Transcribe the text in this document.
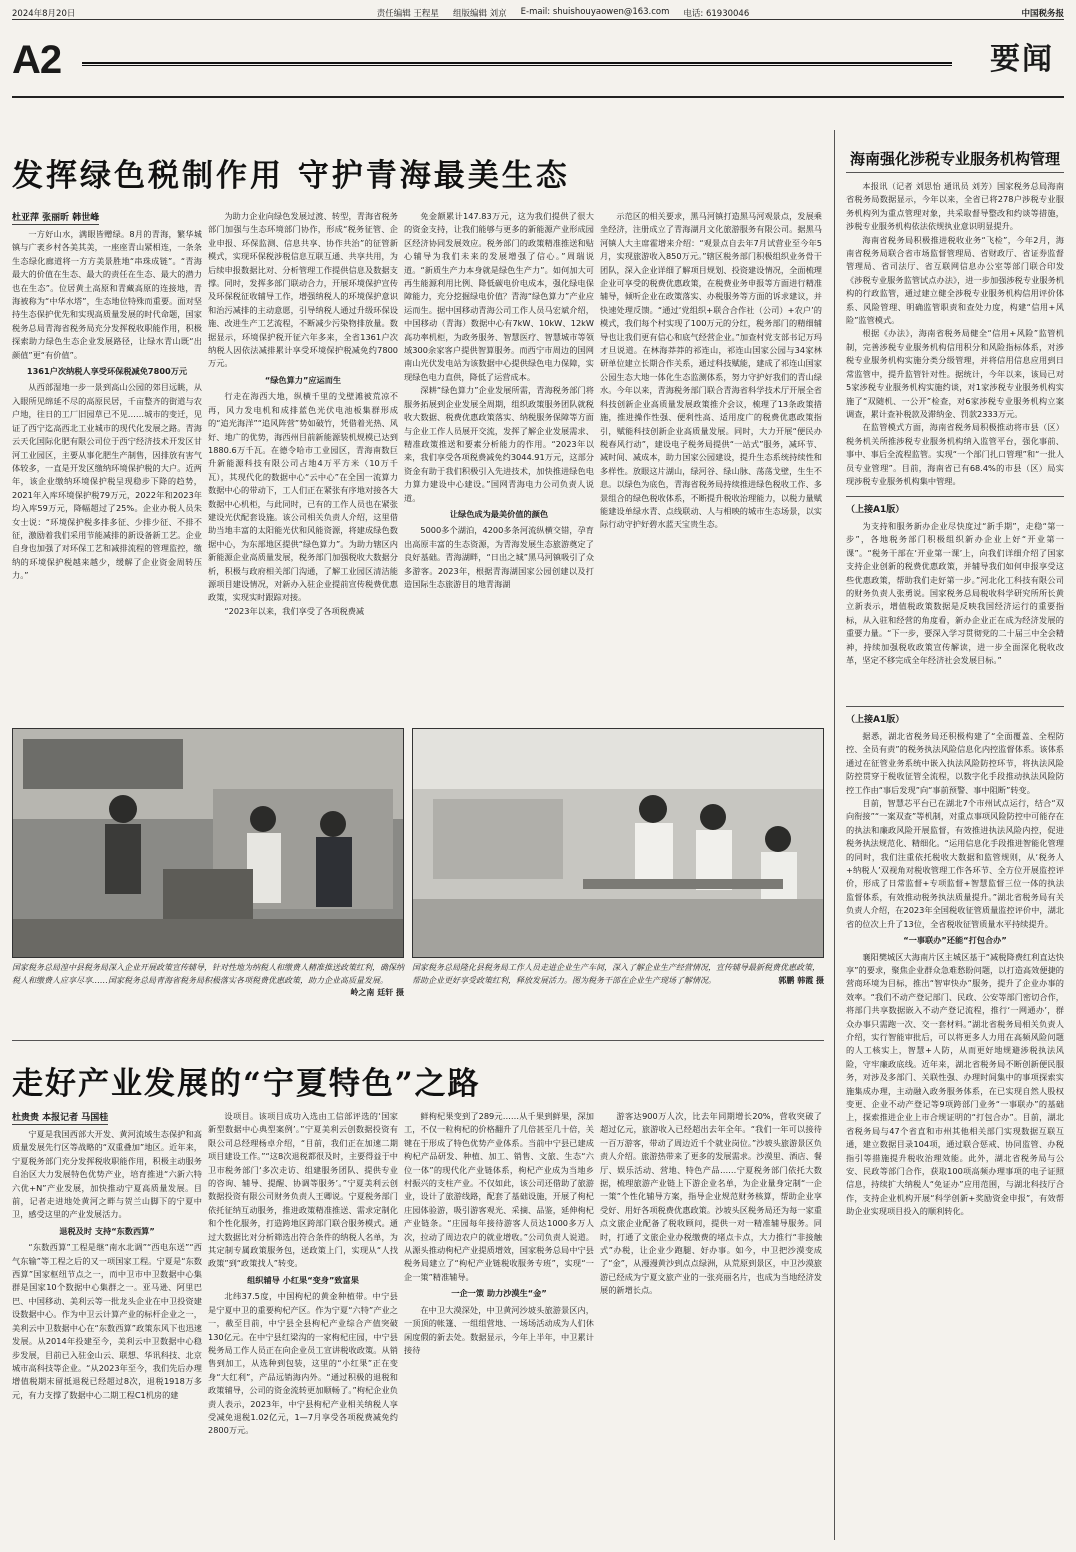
2024年8月20日	责任编辑 王程星 组版编辑 刘京 E-mail: shuishouyaowen@163.com 电话: 61930046	中国税务报
A2	要闻
发挥绿色税制作用 守护青海最美生态
杜亚萍 张丽昕 韩世峰

一方好山水，满眼皆赠绿。8月的青海，繁华城镇与广袤乡村各美其美，一座座青山紧相连，一条条生态绿化廊道将一方方美景胜地“串珠成链”。“青海最大的价值在生态、最大的责任在生态、最大的潜力也在生态”。位居黄土高原和青藏高原的连接地，青海被称为“中华水塔”，生态地位特殊而重要。面对坚持生态保护优先和实现高质量发展的时代命题，国家税务总局青海省税务局充分发挥税收职能作用，积极探索助力绿色生态企业发展路径，让绿水青山既“出颜值”更“有价值”。

1361户次纳税人享受环保税减免7800万元

从西部湿地一步一景到高山公园的郊目远眺，从入眼所见绵延不尽的高原民居，千亩整齐的街道与农户地，往日的工厂旧园草已不见……城市的变迁，见证了西宁迄高西北工业城市的现代化发展之路。青海云天化国际化肥有限公司位于西宁经济技术开发区甘河工业园区，主要从事化肥生产制售，因排放有害气体较多，一直是开发区缴纳环境保护税的大户。近两年，该企业缴纳环境保护税呈现稳步下降的趋势，2021年入库环境保护税79万元，2022年和2023年均入库59万元，降幅超过了25%。企业办税人员朱女士说：“环境保护税多排多征、少排少征、不排不征，激励着我们采用节能减排的新设备新工艺。企业自身也加强了对环保工艺和减排流程的管理监控，缴纳的环境保护税越来越少，缓解了企业资金周转压力。”

为助力企业向绿色发展过渡、转型，青海省税务部门加强与生态环境部门协作，形成“税务征管、企业申报、环保监测、信息共享、协作共治”的征管新模式，实现环保税涉税信息互联互通、共享共用，为后续申报数据比对、分析管理工作提供信息及数据支撑。同时，发挥多部门联动合力，开展环境保护宣传及环保税征收辅导工作，增强纳税人的环境保护意识和治污减排的主动意愿，引导纳税人通过升级环保设施、改进生产工艺流程，不断减少污染物排放量。数据显示，环境保护税开征六年多来，全省1361户次纳税人因依法减排累计享受环境保护税减免约7800万元。

“绿色算力”应运而生

行走在海西大地，纵横千里的戈壁滩被荒凉不再，风力发电机和成排蓝色光伏电池板集群形成的“追光海洋”“追风阵营”势如破竹，凭借着光热、风好、地广的优势，海西州目前新能源装机规模已达到1880.6万千瓦。在德令哈市工业园区，青海南数巨升新能源科技有限公司占地4万平方米（10万千瓦），其现代化的数据中心“云中心”在全国一流算力数据中心的带动下，工人们正在紧张有序地对接各大数据中心机柜，与此同时，已有的工作人员也在紧张建设光伏配套设施。该公司相关负责人介绍，这里借助当地丰富的太阳能光伏和风能资源，将建成绿色数据中心，为东部地区提供“绿色算力”。为助力辖区内新能源企业高质量发展，税务部门加强税收大数据分析，积极与政府相关部门沟通，了解工业园区清洁能源项目建设情况，对新办入驻企业提前宣传税费优惠政策，实现实时跟踪对接。

“2023年以来，我们享受了各项税费减

免金额累计147.83万元，这为我们提供了很大的资金支持，让我们能够与更多的新能源产业形成园区经济协同发展效应。税务部门的政策精准推送和贴心辅导为我们未来的发展增强了信心。”周瑞说道。“新质生产力本身就是绿色生产力”。如何加大可再生能源利用比例、降低碳电价电成本，强化绿电保障能力，充分挖掘绿电价值？青海“绿色算力”产业应运而生。据中国移动青海公司工作人员马宏斌介绍，中国移动（青海）数据中心有7kW、10kW、12kW高功率机柜，为政务服务、智慧医疗、智慧城市等领域300余家客户提供智算服务。而西宁市周边的国网南山光伏发电站为该数据中心提供绿色电力保障，实现绿色电力直供，降低了运营成本。

深耕“绿色算力”企业发展所需，青海税务部门将服务拓展到企业发展全周期，组织政策服务团队就税收大数据、税费优惠政策落实、纳税服务保障等方面与企业工作人员展开交流，发挥了解企业发展需求、精准政策推送和要素分析能力的作用。“2023年以来，我们享受各项税费减免约3044.91万元，这部分资金有助于我们积极引入先进技术，加快推进绿色电力算力建设中心建设。”国网青海电力公司负责人说道。

让绿色成为最美价值的颜色

5000多个湖泊，4200多条河流纵横交错，孕育出高原丰富的生态资源，为青海发展生态旅游奠定了良好基础。青海湖畔，“日出之城”黑马河镇吸引了众多游客。2023年，根据青海湖国家公园创建以及打造国际生态旅游目的地青海湖

示范区的相关要求，黑马河镇打造黑马河观景点，发展乘坐经济，注册成立了青海湖月文化旅游服务有限公司。据黑马河镇人大主席霍增来介绍：“观景点自去年7月试营业至今年5月，实现旅游收入850万元。”辖区税务部门积极组织业务骨干团队，深入企业详细了解项目规划、投资建设情况，全面梳理企业可享受的税费优惠政策，在税费业务申报等方面进行精准辅导，倾听企业在政策落实、办税服务等方面的诉求建议，并快速处理反馈。“通过‘党组织+联合合作社（公司）+农户’的模式，我们每个村实现了100万元的分红，税务部门的精细辅导也让我们更有信心和底气经营企业。”加查村党支部书记万玛才旦说道。在林海莽莽的祁连山，祁连山国家公园与34家林研单位建立长期合作关系，通过科技赋能，建成了祁连山国家公园生态大地一体化生态监测体系，努力守护好我们的青山绿水。今年以来，青海税务部门联合青海省科学技术厅开展全省科技创新企业高质量发展政策推介会议，梳理了13条政策措施，推进操作性强、便利性高、适用度广的税费优惠政策指引，赋能科技创新企业高质量发展。同时，大力开展“便民办税春风行动”，建设电子税务局提供“一站式”服务，减环节、减时间、减成本，助力国家公园建设，提升生态系统持续性和多样性。放眼这片湖山，绿河谷、绿山脉、荡荡戈壁，生生不息。以绿色为底色，青海省税务局持续推进绿色税收工作、多景组合的绿色税收体系，不断提升税收治理能力，以税力量赋能建设单绿水青、点线联动、人与相映的城市生态场景，以实际行动守护好碧水蓝天宝贵生态。

国家税务总局湟中县税务局深入企业开展政策宣传辅导，针对性地为纳税人和缴费人精准推送政策红利，确保纳税人和缴费人应享尽享……国家税务总局青海省税务局积极落实各项税费优惠政策，助力企业高质量发展。
岭之南 廷轩 摄
国家税务总局隆化县税务局工作人员走进企业生产车间，深入了解企业生产经营情况，宣传辅导最新税费优惠政策，帮助企业更好享受政策红利，释放发展活力。图为税务干部在企业生产现场了解情况。	郭鹏 韩霞 摄
走好产业发展的“宁夏特色”之路
杜贵贵 本报记者 马国桂

宁夏是我国西部大开发、黄河流域生态保护和高质量发展先行区等战略的“双重叠加”地区。近年来，宁夏税务部门充分发挥税收职能作用，积极主动服务自治区大力发展特色优势产业，培育推进“六新六特六优+N”产业发展，加快推动宁夏高质量发展。目前，记者走进地处黄河之畔与贺兰山脚下的宁夏中卫，感受这里的产业发展活力。

退税及时 支持“东数西算”

“东数西算”工程是继“南水北调”“西电东送”“西气东输”等工程之后的又一项国家工程。宁夏是“东数西算”国家枢纽节点之一，而中卫市中卫数据中心集群是国家10个数据中心集群之一。亚马逊、阿里巴巴、中国移动、美利云等一批龙头企业在中卫投资建设数据中心。作为中卫云计算产业的标杆企业之一，美利云中卫数据中心在“东数西算”政策东风下也迅速发展。从2014年投建至今，美利云中卫数据中心稳步发展，目前已入驻金山云、联想、华讯科技、北京城市高科技等企业。“从2023年至今，我们先后办理增值税期末留抵退税已经超过8次，退税1918万多元，有力支撑了数据中心二期工程C1机房的建

设项目。该项目成功入选由工信部评选的‘国家新型数据中心典型案例’。”宁夏美利云创数据投资有限公司总经理杨卓介绍，“目前，我们正在加速二期项目建设工作。”“这8次退税都很及时，主要得益于中卫市税务部门‘多次走访、组建服务团队、提供专业的咨询、辅导、提醒、协调等服务’。”宁夏美利云创数据投资有限公司财务负责人王卿说。宁夏税务部门依托征纳互动服务，推进政策精准推送、需求定制化和个性化服务，打造跨地区跨部门联合服务模式。通过大数据比对分析筛选出符合条件的纳税人名单，为其定制专属政策服务包，送政策上门，实现从“人找政策”到“政策找人”转变。

组织辅导 小红果“变身”致富果

北纬37.5度，中国枸杞的黄金种植带。中宁县是宁夏中卫的重要枸杞产区。作为宁夏“六特”产业之一，截至目前，中宁县全县枸杞产业综合产值突破130亿元。在中宁县红梁沟的一家枸杞庄园，中宁县税务局工作人员正在向企业员工宣讲税收政策。从销售到加工，从选种到包装，这里的“小红果”正在变身“大红利”，产品远销海内外。“通过积极的退税和政策辅导，公司的资金流转更加顺畅了。”枸杞企业负责人表示，2023年，中宁县枸杞产业相关纳税人享受减免退税1.02亿元，1—7月享受各项税费减免约2800万元。

鲜枸杞果变到了289元……从千果到鲜果，深加工，不仅一粒枸杞的价格翻升了几倍甚至几十倍，关键在于形成了特色优势产业体系。当前中宁县已建成枸杞产品研发、种植、加工、销售、文旅、生态“六位一体”的现代化产业链体系，枸杞产业成为当地乡村振兴的支柱产业。不仅如此，该公司还借助了旅游业，设计了旅游线路，配套了基础设施，开展了枸杞庄园体验游，吸引游客观光、采摘、品鉴，延伸枸杞产业链条。“庄园每年接待游客人员达1000多万人次，拉动了周边农户的就业增收。”公司负责人说道。从源头推动枸杞产业提质增效，国家税务总局中宁县税务局建立了“枸杞产业链税收服务专班”，实现“一企一策”精准辅导。

一企一策 助力沙漠生“金”

在中卫大漠深处，中卫黄河沙坡头旅游景区内，一顶顶的帐篷、一组组营地、一场场活动成为人们休闲度假的新去处。数据显示，今年上半年，中卫累计接待

游客达900万人次，比去年同期增长20%，营收突破了超过亿元，旅游收入已经超出去年全年。“我们一年可以接待一百万游客，带动了周边近千个就业岗位。”沙坡头旅游景区负责人介绍。旅游热带来了更多的发展需求。沙漠里、酒店、餐厅、娱乐活动、营地、特色产品……宁夏税务部门依托大数据，梳理旅游产业链上下游企业名单，为企业量身定制“一企一策”个性化辅导方案，指导企业规范财务核算，帮助企业享受好、用好各项税费优惠政策。沙坡头区税务局还为每一家重点文旅企业配备了税收顾问，提供一对一精准辅导服务。同时，打通了文旅企业办税缴费的堵点卡点，大力推行“非接触式”办税，让企业少跑腿、好办事。如今，中卫把沙漠变成了“金”，从漫漫黄沙到点点绿洲，从荒原到景区，中卫沙漠旅游已经成为宁夏文旅产业的一张亮丽名片，也成为当地经济发展的新增长点。

海南强化涉税专业服务机构管理

本报讯（记者 刘思怡 通讯员 刘芳）国家税务总局海南省税务局数据显示，今年以来，全省已将278户涉税专业服务机构列为重点管理对象，共采取督导整改和约谈等措施，涉税专业服务机构依法依规执业意识明显提升。

海南省税务局积极推进税收业务“飞检”，今年2月，海南省税务局联合省市场监督管理局、省财政厅、省证券监督管理局、省司法厅、省互联网信息办公室等部门联合印发《涉税专业服务监管试点办法》，进一步加强涉税专业服务机构的行政监管，通过建立健全涉税专业服务机构信用评价体系、风险管理、明确监管职责和查处力度，构建“信用+风险”监管模式。

根据《办法》，海南省税务局健全“信用+风险”监管机制，完善涉税专业服务机构信用积分和风险指标体系，对涉税专业服务机构实施分类分级管理，并将信用信息应用到日常监管中，提升监管针对性。据统计，今年以来，该局已对5家涉税专业服务机构实施约谈，对1家涉税专业服务机构实施了“双随机、一公开”检查，对6家涉税专业服务机构立案调查，累计查补税款及滞纳金、罚款2333万元。

在监管模式方面，海南省税务局积极推动将市县（区）税务机关所推涉税专业服务机构纳入监管平台，强化事前、事中、事后全流程监管。实现“一个部门扎口管理”和“一批人员专业管理”。目前，海南省已有68.4%的市县（区）局实现涉税专业服务机构集中管理。

（上接A1版）

为支持和服务新办企业尽快度过“新手期”，走稳“第一步”，各地税务部门积极组织新办企业上好“开业第一课”。“税务干部在‘开业第一课’上，向我们详细介绍了国家支持企业创新的税费优惠政策，并辅导我们如何申报享受这些优惠政策，帮助我们走好第一步。”河北化工科技有限公司的财务负责人张勇说。国家税务总局税收科学研究所所长黄立新表示，增值税政策数据是反映我国经济运行的重要指标，从入驻和经营的角度看，新办企业正在成为经济发展的重要力量。“下一步，要深入学习贯彻党的二十届三中全会精神，持续加强税收政策宣传解读，进一步全面深化税收改革，坚定不移完成全年经济社会发展目标。”

（上接A1版）

据悉，湖北省税务局还积极构建了“全面覆盖、全程防控、全员有责”的税务执法风险信息化内控监督体系。该体系通过在征管业务系统中嵌入执法风险防控环节，将执法风险防控贯穿于税收征管全流程，以数字化手段推动执法风险防控工作由“事后发现”向“事前预警、事中阻断”转变。

目前，智慧芯平台已在湖北7个市州试点运行，结合“双向衔接”“一案双查”等机制，对重点事项风险防控中可能存在的执法和廉政风险开展监督，有效推进执法风险内控，促进税务执法规范化、精细化。“运用信息化手段推进智能化管理的同时，我们注重依托税收大数据和监管规则，从‘税务人+纳税人’双视角对税收管理工作各环节、全方位开展监控评价，形成了日常监督+专项监督+智慧监督三位一体的执法监督体系，有效推动税务执法质量提升。”湖北省税务局有关负责人介绍，在2023年全国税收征管质量监控评价中，湖北省的位次上升了13位，全省税收征管质量水平持续提升。

“一事联办”还能“打包合办”

襄阳樊城区大海南片区主城区基于“减税降费红利直达快享”的要求，聚焦企业群众急难愁盼问题，以打造高效便捷的营商环境为目标，推出“智审快办”服务，提升了企业办事的效率。“我们不动产登记部门、民政、公安等部门密切合作，将部门共享数据嵌入不动产登记流程，推行‘一网通办’，群众办事只需跑一次、交一套材料。”湖北省税务局相关负责人介绍，实行智能审批后，可以将更多人力用在高频风险问题的人工核实上，智慧+人防，从而更好地规避涉税执法风险，守牢廉政底线。近年来，湖北省税务局不断创新便民服务，对涉及多部门、关联性强、办理时间集中的事项探索实施集成办理，主动融入政务服务体系，在已实现自然人股权变更、企业不动产登记等9项跨部门业务“一事联办”的基础上，探索推进企业上市合规证明的“打包合办”。目前，湖北省税务局与47个省直和市州其他相关部门实现数据互联互通，建立数据目录104项，通过联合惩戒、协同监管、办税指引等措施提升税收治理效能。此外，湖北省税务局与公安、民政等部门合作，获取100项高频办理事项的电子证照信息，持续扩大纳税人“免证办”应用范围，与湖北科技厅合作，支持企业机构开展“科学创新+奖励资金申报”，有效帮助企业实现项目投入的顺利转化。
